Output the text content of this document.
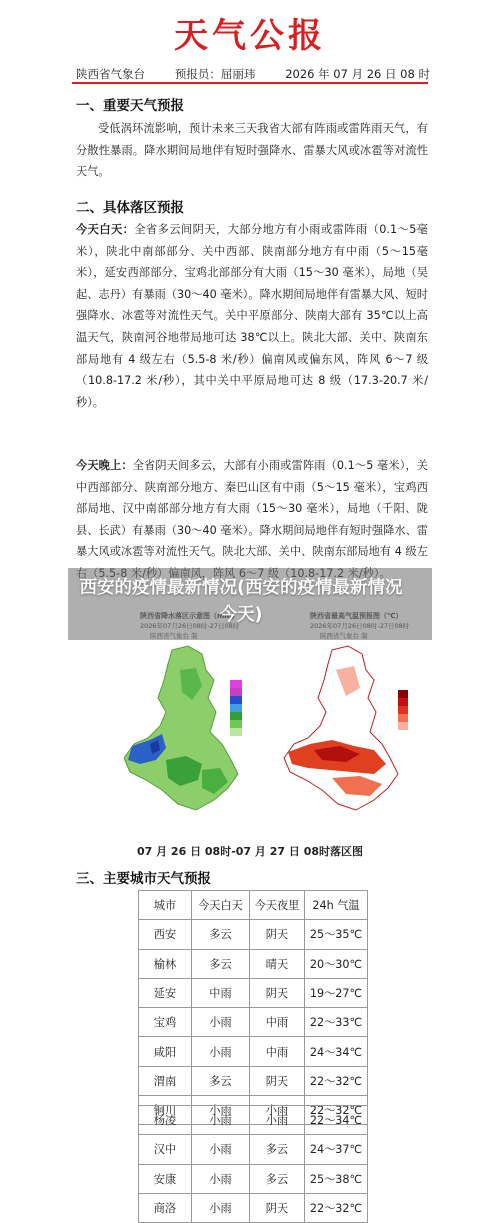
天气公报
陕西省气象台	预报员：屈丽玮	2026 年 07 月 26 日 08 时
一、重要天气预报
受低涡环流影响，预计未来三天我省大部有阵雨或雷阵雨天气，有分散性暴雨。降水期间局地伴有短时强降水、雷暴大风或冰雹等对流性天气。
二、具体落区预报
今天白天：全省多云间阴天，大部分地方有小雨或雷阵雨（0.1～5毫米），陕北中南部部分、关中西部、陕南部分地方有中雨（5～15毫米），延安西部部分、宝鸡北部部分有大雨（15～30 毫米），局地（吴起、志丹）有暴雨（30～40 毫米）。降水期间局地伴有雷暴大风、短时强降水、冰雹等对流性天气。关中平原部分、陕南大部有 35℃以上高温天气，陕南河谷地带局地可达 38℃以上。陕北大部、关中、陕南东部局地有 4 级左右（5.5-8 米/秒）偏南风或偏东风，阵风 6～7 级（10.8-17.2 米/秒），其中关中平原局地可达 8 级（17.3-20.7 米/秒）。
今天晚上：全省阴天间多云，大部有小雨或雷阵雨（0.1～5 毫米），关中西部部分、陕南部分地方、秦巴山区有中雨（5～15 毫米），宝鸡西部局地、汉中南部部分地方有大雨（15～30 毫米），局地（千阳、陇县、长武）有暴雨（30～40 毫米）。降水期间局地伴有短时强降水、雷暴大风或冰雹等对流性天气。陕北大部、关中、陕南东部局地有 4 级左
07 月 26 日 08时-07 月 27 日 08时落区图
西安的疫情最新情况(西安的疫情最新情况今天)
三、主要城市天气预报
城市	今天白天	今天夜里	24h 气温
西安	多云	阴天	25～35℃
榆林	多云	晴天	20～30℃
延安	中雨	阴天	19～27℃
宝鸡	小雨	中雨	22～33℃
咸阳	小雨	中雨	24～34℃
渭南	多云	阴天	22～32℃
铜川	小雨	小雨	22～32℃
杨凌	小雨	小雨	22～34℃
汉中	小雨	多云	24～37℃
安康	小雨	多云	25～38℃
商洛	小雨	阴天	22～32℃
